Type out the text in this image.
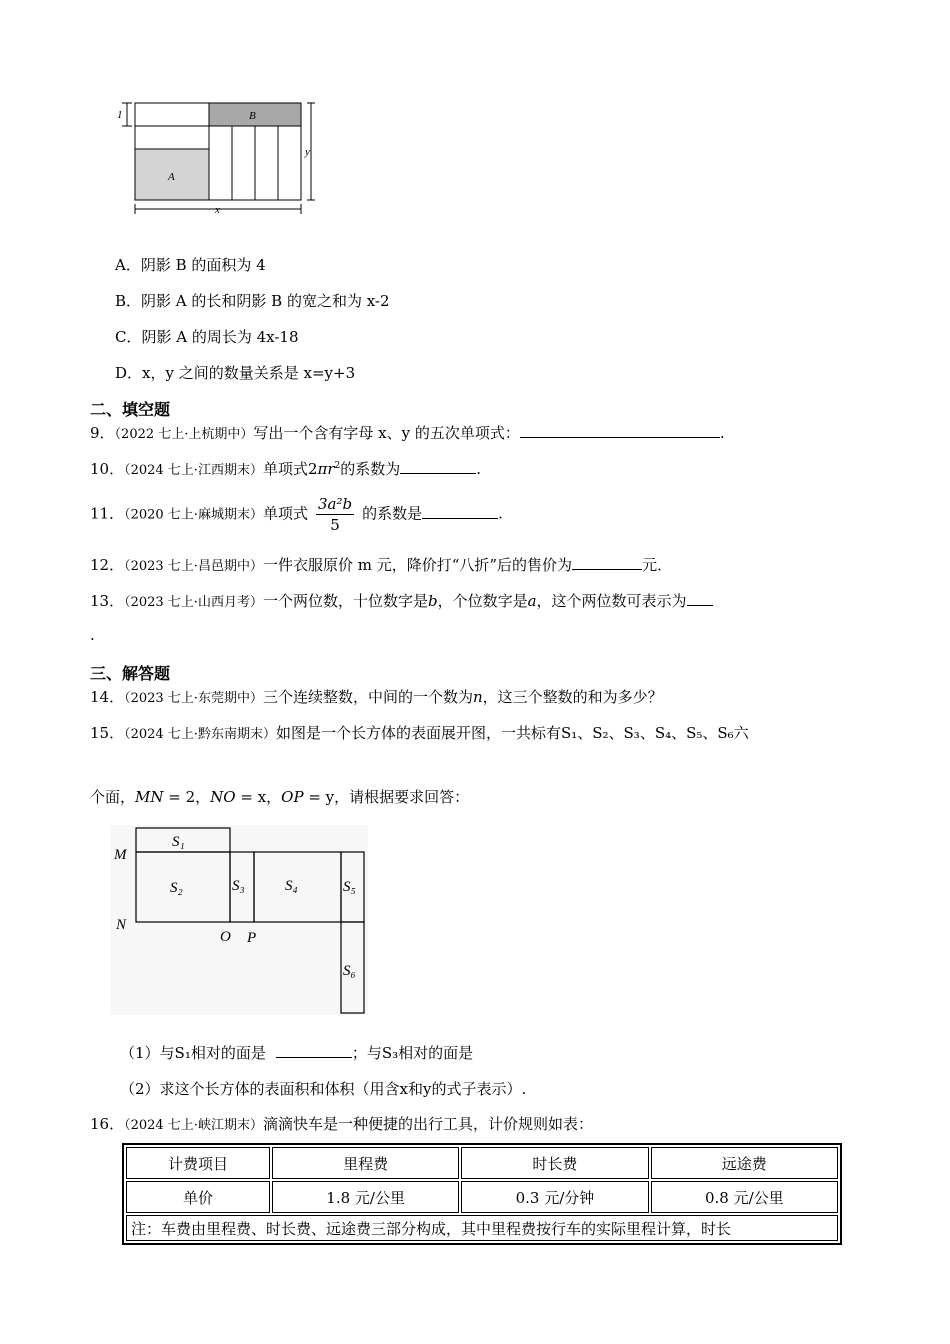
1	B
A
y
x
A．阴影 B 的面积为 4
B．阴影 A 的长和阴影 B 的宽之和为 x-2
C．阴影 A 的周长为 4x-18
D．x，y 之间的数量关系是 x=y+3
二、填空题
9．（2022 七上·上杭期中）写出一个含有字母 x、y 的五次单项式：	.
10．（2024 七上·江西期末）单项式$2\pi r^2$的系数为	.
11．（2020 七上·麻城期末）单项式 $\frac{\text{3a²b}}{5}$ 的系数是	.
12．（2023 七上·昌邑期中）一件衣服原价 m 元，降价打“八折”后的售价为	元．
13．（2023 七上·山西月考）一个两位数，十位数字是b，个位数字是a，这个两位数可表示为
.
三、解答题
14．（2023 七上·东莞期中）三个连续整数，中间的一个数为n，这三个整数的和为多少？
15．（2024 七上·黔东南期末）如图是一个长方体的表面展开图，一共标有S₁、S₂、S₃、S₄、S₅、S₆六
个面，MN = 2，NO = x，OP = y，请根据要求回答：
S₁
S₂	S₃	S₄	S₅
S₆
M
N
O P
（1）与S₁相对的面是	；与S₃相对的面是
（2）求这个长方体的表面积和体积（用含x和y的式子表示）.
16．（2024 七上·峡江期末）滴滴快车是一种便捷的出行工具，计价规则如表：
计费项目	里程费	时长费	远途费
单价	1.8 元/公里	0.3 元/分钟	0.8 元/公里
注：车费由里程费、时长费、远途费三部分构成，其中里程费按行车的实际里程计算，时长			
